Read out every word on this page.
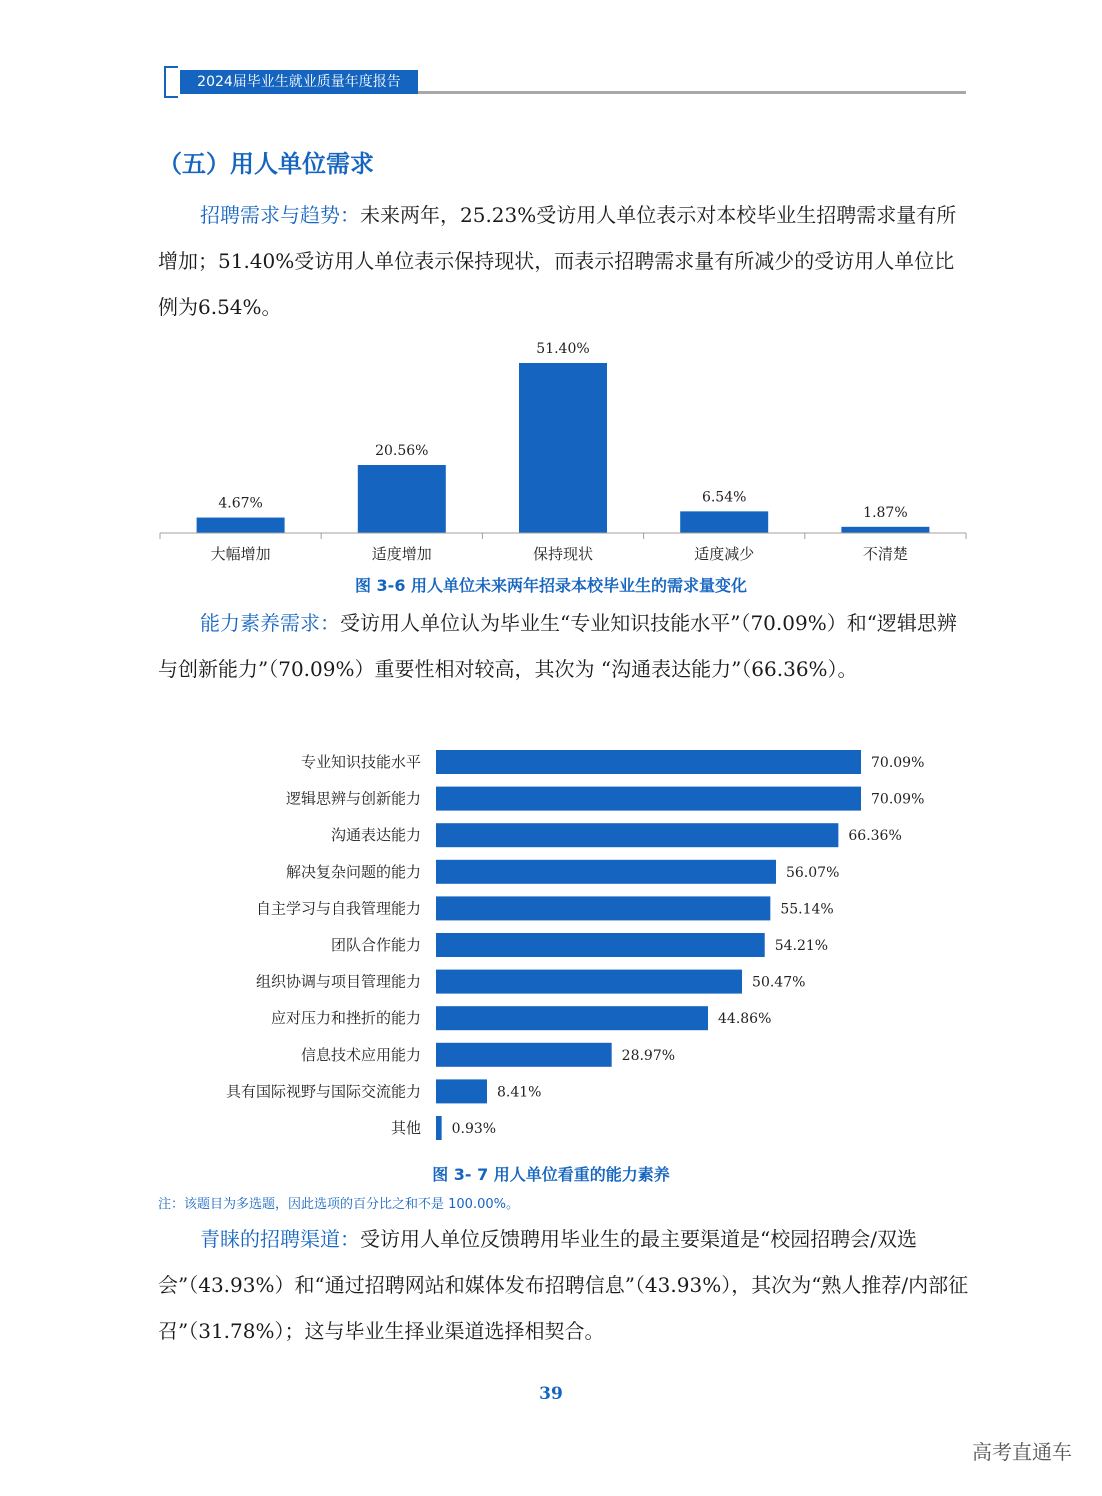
2024届毕业生就业质量年度报告
（五）用人单位需求

招聘需求与趋势：未来两年，25.23%受访用人单位表示对本校毕业生招聘需求量有所增加；51.40%受访用人单位表示保持现状，而表示招聘需求量有所减少的受访用人单位比例为6.54%。

4.67%
大幅增加
20.56%
适度增加
51.40%
保持现状
6.54%
适度减少
1.87%
不清楚
图 3-6 用人单位未来两年招录本校毕业生的需求量变化

能力素养需求：受访用人单位认为毕业生“专业知识技能水平”（70.09%）和“逻辑思辨与创新能力”（70.09%）重要性相对较高，其次为 “沟通表达能力”（66.36%）。

专业知识技能水平	70.09%
逻辑思辨与创新能力	70.09%
沟通表达能力	66.36%
解决复杂问题的能力	56.07%
自主学习与自我管理能力	55.14%
团队合作能力	54.21%
组织协调与项目管理能力	50.47%
应对压力和挫折的能力	44.86%
信息技术应用能力	28.97%
具有国际视野与国际交流能力	8.41%
其他 0.93%
图 3- 7 用人单位看重的能力素养
注：该题目为多选题，因此选项的百分比之和不是 100.00%。

青睐的招聘渠道：受访用人单位反馈聘用毕业生的最主要渠道是“校园招聘会/双选会”（43.93%）和“通过招聘网站和媒体发布招聘信息”（43.93%），其次为“熟人推荐/内部征召”（31.78%）；这与毕业生择业渠道选择相契合。

39
高考直通车
